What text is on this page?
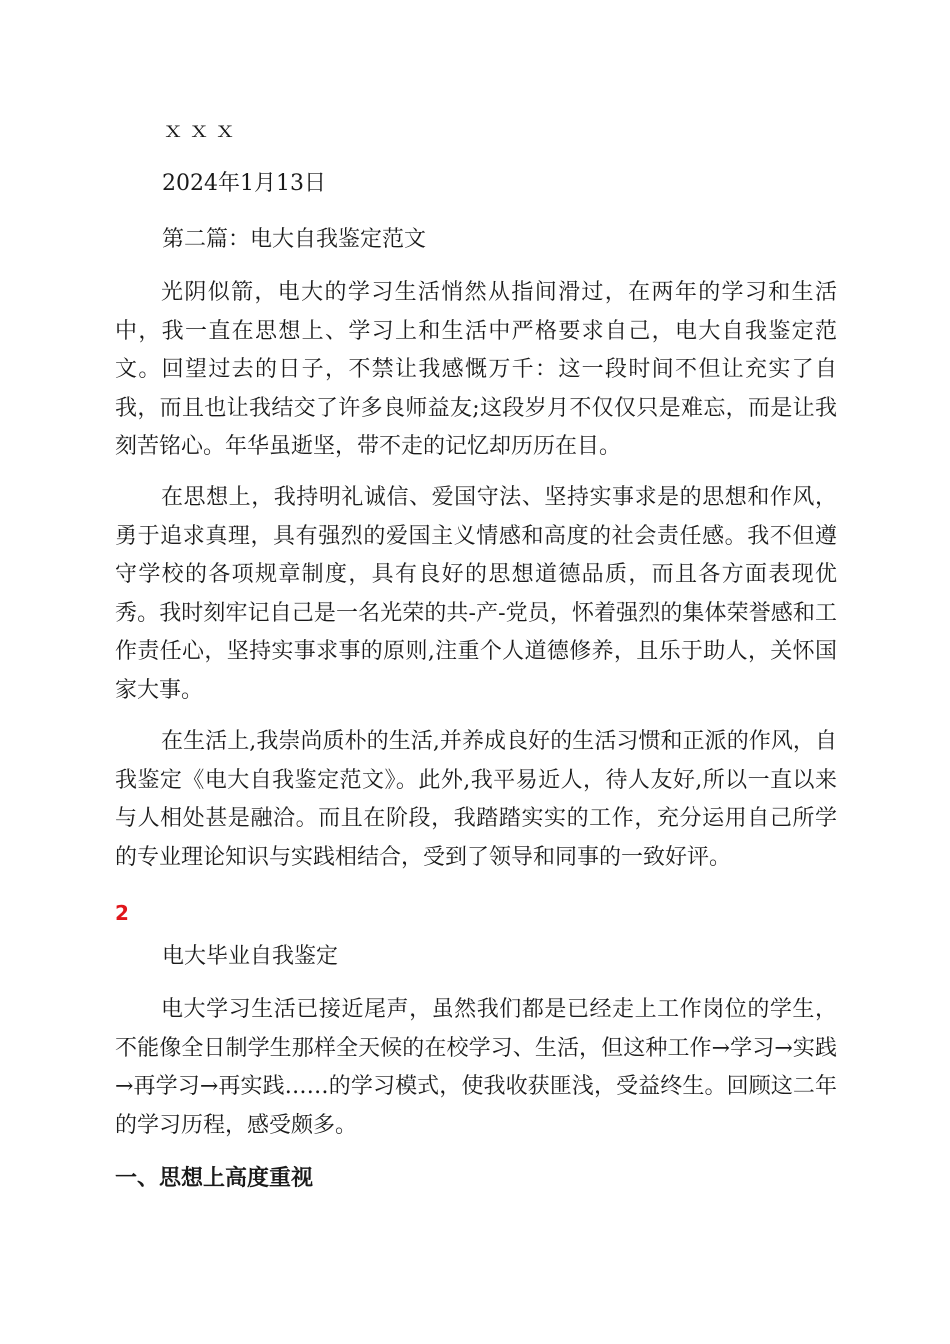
ｘｘｘ
2024年1月13日
第二篇：电大自我鉴定范文

光阴似箭，电大的学习生活悄然从指间滑过，在两年的学习和生活中，我一直在思想上、学习上和生活中严格要求自己，电大自我鉴定范文。回望过去的日子，不禁让我感慨万千：这一段时间不但让充实了自我，而且也让我结交了许多良师益友;这段岁月不仅仅只是难忘，而是让我刻苦铭心。年华虽逝坚，带不走的记忆却历历在目。

在思想上，我持明礼诚信、爱国守法、坚持实事求是的思想和作风，勇于追求真理，具有强烈的爱国主义情感和高度的社会责任感。我不但遵守学校的各项规章制度，具有良好的思想道德品质，而且各方面表现优秀。我时刻牢记自己是一名光荣的共-产-党员，怀着强烈的集体荣誉感和工作责任心，坚持实事求事的原则,注重个人道德修养，且乐于助人，关怀国家大事。

在生活上,我崇尚质朴的生活,并养成良好的生活习惯和正派的作风，自我鉴定《电大自我鉴定范文》。此外,我平易近人，待人友好,所以一直以来与人相处甚是融洽。而且在阶段，我踏踏实实的工作，充分运用自己所学的专业理论知识与实践相结合，受到了领导和同事的一致好评。

2
电大毕业自我鉴定

电大学习生活已接近尾声，虽然我们都是已经走上工作岗位的学生，不能像全日制学生那样全天候的在校学习、生活，但这种工作→学习→实践→再学习→再实践……的学习模式，使我收获匪浅，受益终生。回顾这二年的学习历程，感受颇多。

一、思想上高度重视
